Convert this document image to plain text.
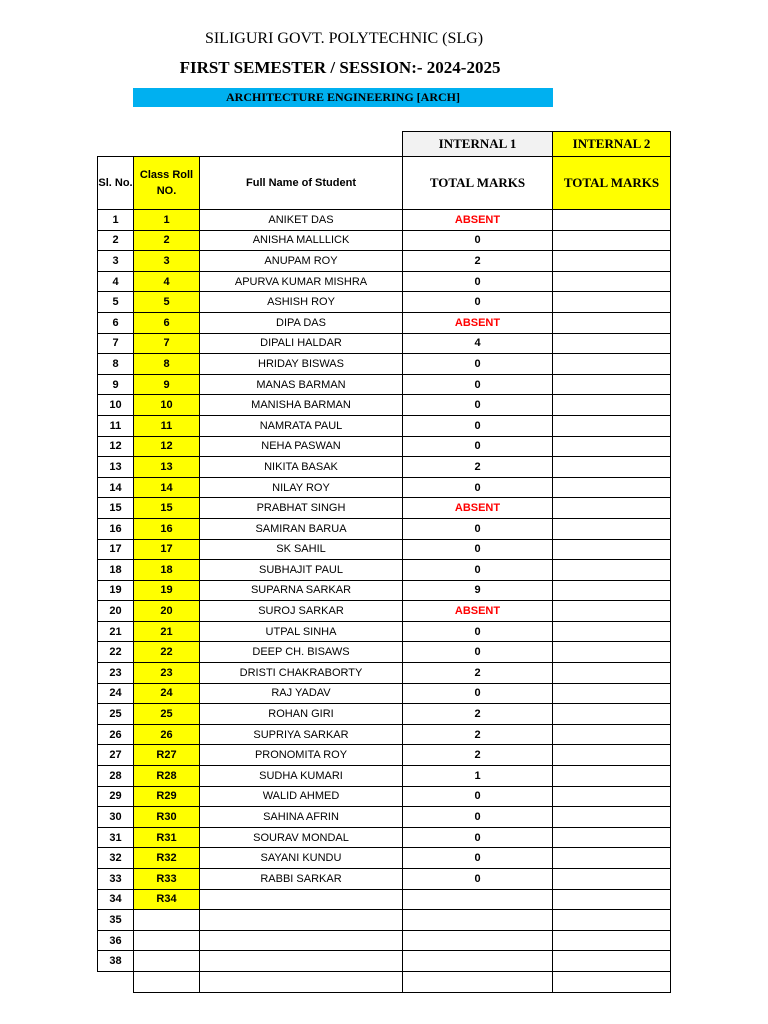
SILIGURI GOVT. POLYTECHNIC (SLG)
FIRST SEMESTER / SESSION:- 2024-2025
ARCHITECTURE ENGINEERING [ARCH]
			INTERNAL 1	INTERNAL 2
Sl. No.	Class Roll NO.	Full Name of Student	TOTAL MARKS	TOTAL MARKS
1	1	ANIKET DAS	ABSENT	
2	2	ANISHA MALLLICK	0	
3	3	ANUPAM ROY	2	
4	4	APURVA KUMAR MISHRA	0	
5	5	ASHISH ROY	0	
6	6	DIPA DAS	ABSENT	
7	7	DIPALI HALDAR	4	
8	8	HRIDAY BISWAS	0	
9	9	MANAS BARMAN	0	
10	10	MANISHA BARMAN	0	
11	11	NAMRATA PAUL	0	
12	12	NEHA PASWAN	0	
13	13	NIKITA BASAK	2	
14	14	NILAY ROY	0	
15	15	PRABHAT SINGH	ABSENT	
16	16	SAMIRAN BARUA	0	
17	17	SK SAHIL	0	
18	18	SUBHAJIT PAUL	0	
19	19	SUPARNA SARKAR	9	
20	20	SUROJ SARKAR	ABSENT	
21	21	UTPAL SINHA	0	
22	22	DEEP CH. BISAWS	0	
23	23	DRISTI CHAKRABORTY	2	
24	24	RAJ YADAV	0	
25	25	ROHAN GIRI	2	
26	26	SUPRIYA SARKAR	2	
27	R27	PRONOMITA ROY	2	
28	R28	SUDHA KUMARI	1	
29	R29	WALID AHMED	0	
30	R30	SAHINA AFRIN	0	
31	R31	SOURAV MONDAL	0	
32	R32	SAYANI KUNDU	0	
33	R33	RABBI SARKAR	0	
34	R34			
35				
36				
38				
